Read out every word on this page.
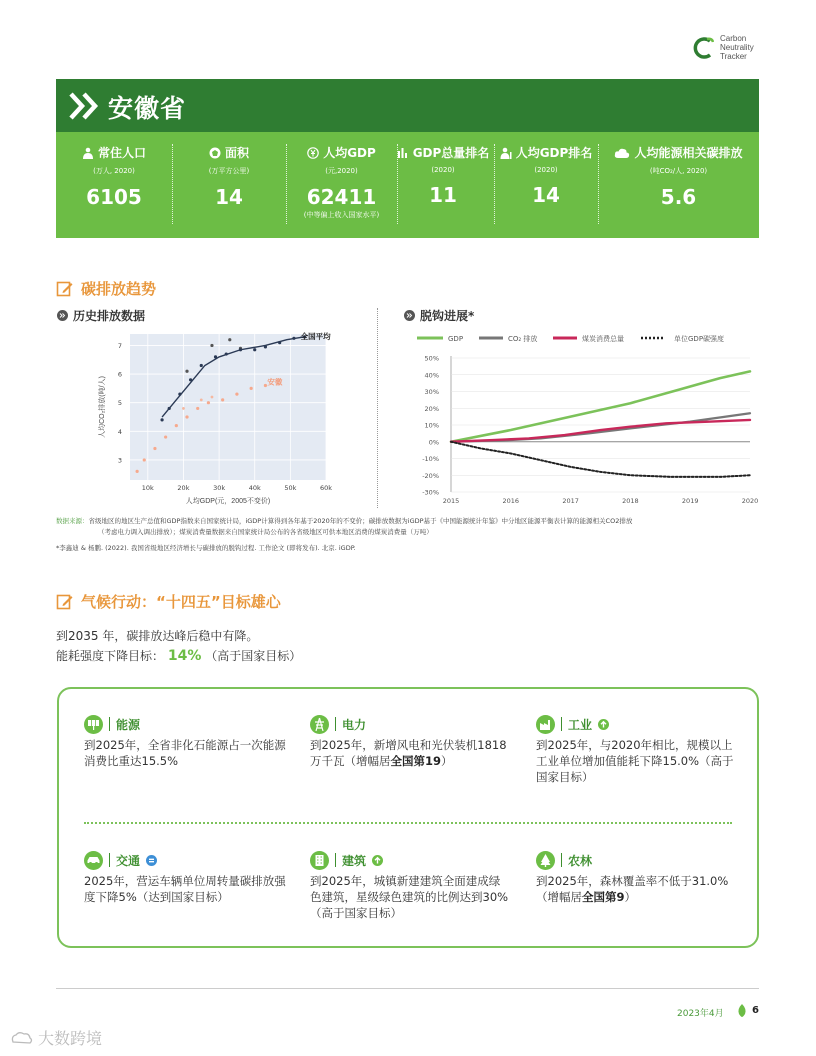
Carbon
Neutrality
Tracker
安徽省
常住人口
(万人, 2020)
6105
面积
(万平方公里)
14
人均GDP
(元,2020)
62411
(中等偏上收入国家水平)
GDP总量排名
(2020)
11
人均GDP排名
(2020)
14
人均能源相关碳排放
(吨CO₂/人, 2020)
5.6
碳排放趋势
历史排放数据	脱钩进展*
10k	20k	30k	40k	50k	60k
3
4
5
6
7
人均GDP(元，2005不变价)
人均CO₂排放(吨/人)
全国平均
安徽
GDP	CO₂ 排放	煤炭消费总量	单位GDP碳强度
2015	2016	2017	2018	2019	2020
50%
40%
30%
20%
10%
0%
-10%
-20%
-30%
数据来源：省级地区的地区生产总值和GDP指数来自国家统计局，iGDP计算得到各年基于2020年的不变价；碳排放数据为iGDP基于《中国能源统计年鉴》中分地区能源平衡表计算的能源相关CO2排放
（考虑电力调入调出排放）；煤炭消费量数据来自国家统计局公布的各省级地区可供本地区消费的煤炭消费量（万吨）
*李鑫迪 & 杨鹏. (2022). 我国省级地区经济增长与碳排放的脱钩过程. 工作论文 (即将发布). 北京. iGDP.
气候行动：“十四五”目标雄心
到2035 年，碳排放达峰后稳中有降。
能耗强度下降目标： 14% （高于国家目标）
能源
到2025年，全省非化石能源占一次能源消费比重达15.5%
电力
到2025年，新增风电和光伏装机1818万千瓦（增幅居全国第19）
工业
到2025年，与2020年相比，规模以上工业单位增加值能耗下降15.0%（高于国家目标）
交通
2025年，营运车辆单位周转量碳排放强度下降5%（达到国家目标）
建筑
到2025年，城镇新建建筑全面建成绿色建筑，星级绿色建筑的比例达到30%（高于国家目标）
农林
到2025年，森林覆盖率不低于31.0%（增幅居全国第9）
2023年4月	6
大数跨境
